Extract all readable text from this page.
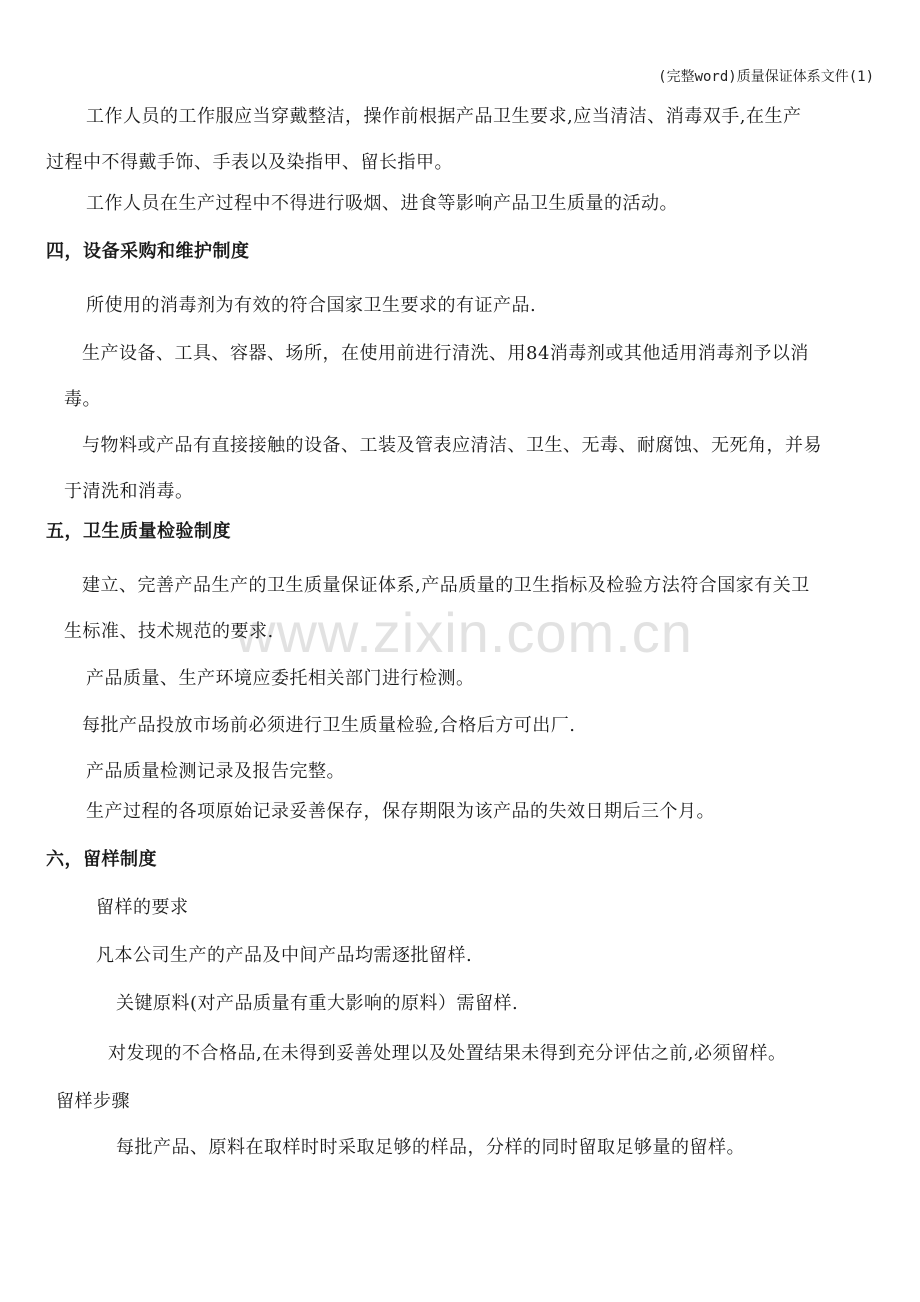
(完整word)质量保证体系文件(1)
www.zixin.com.cn
工作人员的工作服应当穿戴整洁，操作前根据产品卫生要求,应当清洁、消毒双手,在生产
过程中不得戴手饰、手表以及染指甲、留长指甲。
工作人员在生产过程中不得进行吸烟、进食等影响产品卫生质量的活动。
四，设备采购和维护制度
所使用的消毒剂为有效的符合国家卫生要求的有证产品.
生产设备、工具、容器、场所，在使用前进行清洗、用84消毒剂或其他适用消毒剂予以消
毒。
与物料或产品有直接接触的设备、工装及管表应清洁、卫生、无毒、耐腐蚀、无死角，并易
于清洗和消毒。
五，卫生质量检验制度
建立、完善产品生产的卫生质量保证体系,产品质量的卫生指标及检验方法符合国家有关卫
生标准、技术规范的要求.
产品质量、生产环境应委托相关部门进行检测。
每批产品投放市场前必须进行卫生质量检验,合格后方可出厂.
产品质量检测记录及报告完整。
生产过程的各项原始记录妥善保存，保存期限为该产品的失效日期后三个月。
六，留样制度
留样的要求
凡本公司生产的产品及中间产品均需逐批留样.
关键原料(对产品质量有重大影响的原料）需留样.
对发现的不合格品,在未得到妥善处理以及处置结果未得到充分评估之前,必须留样。
留样步骤
每批产品、原料在取样时时采取足够的样品，分样的同时留取足够量的留样。
